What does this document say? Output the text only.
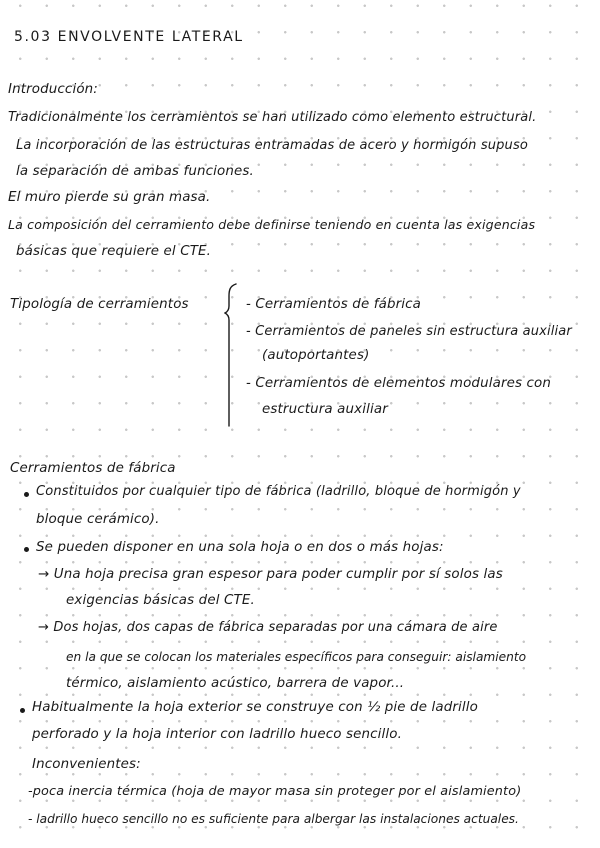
5.03 ENVOLVENTE LATERAL
Introducción:
Tradicionalmente los cerramientos se han utilizado como elemento estructural.
La incorporación de las estructuras entramadas de acero y hormigón supuso
la separación de ambas funciones.
El muro pierde su gran masa.
La composición del cerramiento debe definirse teniendo en cuenta las exigencias
básicas que requiere el CTE.
Tipología de cerramientos	- Cerramientos de fábrica
- Cerramientos de paneles sin estructura auxiliar
(autoportantes)
- Cerramientos de elementos modulares con
estructura auxiliar
Cerramientos de fábrica
Constituidos por cualquier tipo de fábrica (ladrillo, bloque de hormigón y
bloque cerámico).
Se pueden disponer en una sola hoja o en dos o más hojas:
→ Una hoja precisa gran espesor para poder cumplir por sí solos las
exigencias básicas del CTE.
→ Dos hojas, dos capas de fábrica separadas por una cámara de aire
en la que se colocan los materiales específicos para conseguir: aislamiento
térmico, aislamiento acústico, barrera de vapor...
Habitualmente la hoja exterior se construye con ½ pie de ladrillo
perforado y la hoja interior con ladrillo hueco sencillo.
Inconvenientes:
-poca inercia térmica (hoja de mayor masa sin proteger por el aislamiento)
- ladrillo hueco sencillo no es suficiente para albergar las instalaciones actuales.
